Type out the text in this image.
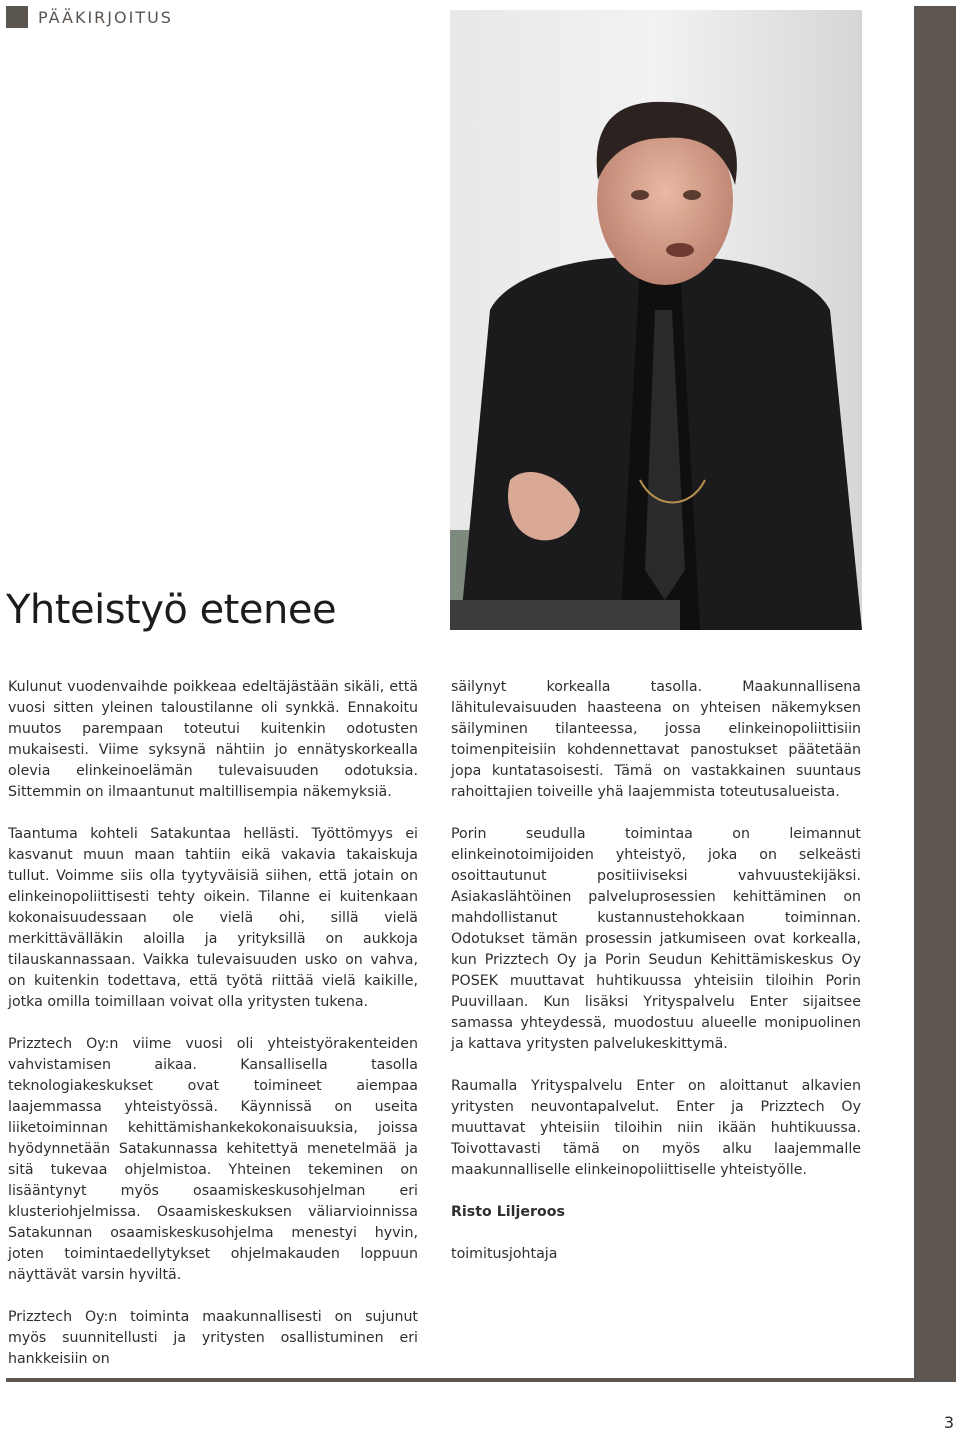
PÄÄKIRJOITUS
Yhteistyö etenee

Kulunut vuodenvaihde poikkeaa edeltäjästään sikäli, että vuosi sitten yleinen taloustilanne oli synkkä. Ennakoitu muutos parempaan toteutui kuitenkin odotusten mukaisesti. Viime syksynä nähtiin jo ennätyskorkealla olevia elinkeinoelämän tulevaisuuden odotuksia. Sittemmin on ilmaantunut maltillisempia näkemyksiä.

Taantuma kohteli Satakuntaa hellästi. Työttömyys ei kasvanut muun maan tahtiin eikä vakavia takaiskuja tullut. Voimme siis olla tyytyväisiä siihen, että jotain on elinkeinopoliittisesti tehty oikein. Tilanne ei kuitenkaan kokonaisuudessaan ole vielä ohi, sillä vielä merkittävälläkin aloilla ja yrityksillä on aukkoja tilauskannassaan. Vaikka tulevaisuuden usko on vahva, on kuitenkin todettava, että työtä riittää vielä kaikille, jotka omilla toimillaan voivat olla yritysten tukena.

Prizztech Oy:n viime vuosi oli yhteistyörakenteiden vahvistamisen aikaa. Kansallisella tasolla teknologiakeskukset ovat toimineet aiempaa laajemmassa yhteistyössä. Käynnissä on useita liiketoiminnan kehittämishankekokonaisuuksia, joissa hyödynnetään Satakunnassa kehitettyä menetelmää ja sitä tukevaa ohjelmistoa. Yhteinen tekeminen on lisääntynyt myös osaamiskeskusohjelman eri klusteriohjelmissa. Osaamiskeskuksen väliarvioinnissa Satakunnan osaamiskeskusohjelma menestyi hyvin, joten toimintaedellytykset ohjelmakauden loppuun näyttävät varsin hyviltä.

Prizztech Oy:n toiminta maakunnallisesti on sujunut myös suunnitellusti ja yritysten osallistuminen eri hankkeisiin on

säilynyt korkealla tasolla. Maakunnallisena lähitulevaisuuden haasteena on yhteisen näkemyksen säilyminen tilanteessa, jossa elinkeinopoliittisiin toimenpiteisiin kohdennettavat panostukset päätetään jopa kuntatasoisesti. Tämä on vastakkainen suuntaus rahoittajien toiveille yhä laajemmista toteutusalueista.

Porin seudulla toimintaa on leimannut elinkeinotoimijoiden yhteistyö, joka on selkeästi osoittautunut positiiviseksi vahvuustekijäksi. Asiakaslähtöinen palveluprosessien kehittäminen on mahdollistanut kustannustehokkaan toiminnan. Odotukset tämän prosessin jatkumiseen ovat korkealla, kun Prizztech Oy ja Porin Seudun Kehittämiskeskus Oy POSEK muuttavat huhtikuussa yhteisiin tiloihin Porin Puuvillaan. Kun lisäksi Yrityspalvelu Enter sijaitsee samassa yhteydessä, muodostuu alueelle monipuolinen ja kattava yritysten palvelukeskittymä.

Raumalla Yrityspalvelu Enter on aloittanut alkavien yritysten neuvontapalvelut. Enter ja Prizztech Oy muuttavat yhteisiin tiloihin niin ikään huhtikuussa. Toivottavasti tämä on myös alku laajemmalle maakunnalliselle elinkeinopoliittiselle yhteistyölle.

Risto Liljeroos

toimitusjohtaja

3
